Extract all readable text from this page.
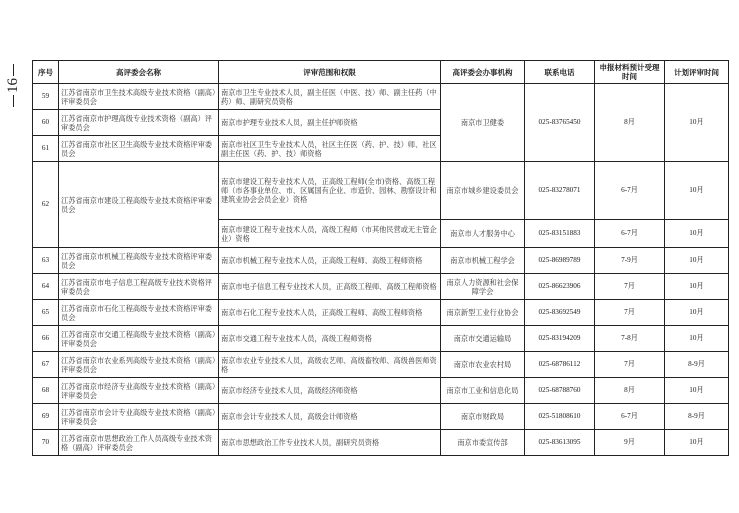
16
序号	高评委会名称	评审范围和权限	高评委会办事机构	联系电话	申报材料预计受理时间	计划评审时间
59	江苏省南京市卫生技术高级专业技术资格（副高）评审委员会	南京市卫生专业技术人员，副主任医（中医、技）师、副主任药（中药）师、副研究员资格	南京市卫健委	025-83765450	8月	10月
60	江苏省南京市护理高级专业技术资格（副高）评审委员会	南京市护理专业技术人员，副主任护师资格				
61	江苏省南京市社区卫生高级专业技术资格评审委员会	南京市社区卫生专业技术人员，社区主任医（药、护、技）师、社区副主任医（药、护、技）师资格				
62	江苏省南京市建设工程高级专业技术资格评审委员会	南京市建设工程专业技术人员，正高级工程师(全市)资格、高级工程师（市各事业单位、市、区属国有企业、市造价、园林、勘察设计和建筑业协会会员企业）资格	南京市城乡建设委员会	025-83278071	6-7月	10月
		南京市建设工程专业技术人员，高级工程师（市其他民营或无主管企业）资格	南京市人才服务中心	025-83151883	6-7月	10月
63	江苏省南京市机械工程高级专业技术资格评审委员会	南京市机械工程专业技术人员，正高级工程师、高级工程师资格	南京市机械工程学会	025-86989789	7-9月	10月
64	江苏省南京市电子信息工程高级专业技术资格评审委员会	南京市电子信息工程专业技术人员，正高级工程师、高级工程师资格	南京人力资源和社会保障学会	025-86623906	7月	10月
65	江苏省南京市石化工程高级专业技术资格评审委员会	南京市石化工程专业技术人员，正高级工程师、高级工程师资格	南京新型工业行业协会	025-83692549	7月	10月
66	江苏省南京市交通工程高级专业技术资格（副高）评审委员会	南京市交通工程专业技术人员，高级工程师资格	南京市交通运输局	025-83194209	7-8月	10月
67	江苏省南京市农业系列高级专业技术资格（副高）评审委员会	南京市农业专业技术人员，高级农艺师、高级畜牧师、高级兽医师资格	南京市农业农村局	025-68786112	7月	8-9月
68	江苏省南京市经济专业高级专业技术资格（副高）评审委员会	南京市经济专业技术人员，高级经济师资格	南京市工业和信息化局	025-68788760	8月	10月
69	江苏省南京市会计专业高级专业技术资格（副高）评审委员会	南京市会计专业技术人员，高级会计师资格	南京市财政局	025-51808610	6-7月	8-9月
70	江苏省南京市思想政治工作人员高级专业技术资格（副高）评审委员会	南京市思想政治工作专业技术人员，副研究员资格	南京市委宣传部	025-83613095	9月	10月
